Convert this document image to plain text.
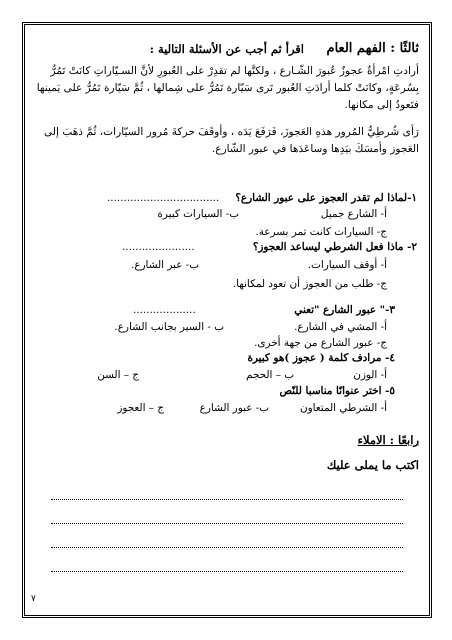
ثالثًا : الفهم العام
اقرأ ثم أجب عن الأسئلة التالية :
أرادتِ امْرأةٌ عجوزٌ عُبورَ الشّـارع ، ولكنَّها لم تقدِرْ على العُبورِ لأنَّ السـيّاراتِ كانَتْ تَمُرُّ
بِسُرعَةٍ، وكانَتْ كلما أرادَتِ العُبور تَرى سَيّارة تَمُرُّ على شِمالها ، ثُمَّ سَيّارة تَمُرُّ على يَمينها
فتَعودُ إلى مكانها.
رَأى شُرطِيُّ المُرور هذهِ العَجوزَ، فَرَفَعَ يَدَه ، وأوقَفَ حركةَ مُرور السيّارات، ثُمَّ ذهَبَ إلى
العَجوز وأمسَكَ بيَدِها وساعَدَها في عبور الشّارع.
١-لماذا لم تقدر العجوز على عبور الشارع؟
..................................
أ- الشارع جميل
ب- السيارات كبيرة
ج- السيارات كانت تمر بسرعة.
٢- ماذا فعل الشرطي ليساعد العجوز؟
......................
أ- أوقف السيارات.
ب- عبر الشارع.
ج- طلب من العجوز أن تعود لمكانها.
٣-" عبور الشارع "تعني
...................
أ- المشي في الشارع.
ب - السير بجانب الشارع.
ج- عبور الشارع من جهة أخرى.
٤- مرادف كلمة ( عجوز )هو كبيرة
أ- الوزن
ب – الحجم
ج – السن
٥- اختر عنوانًا مناسبا للنّص
أ- الشرطي المتعاون
ب- عبور الشارع
ج – العجوز
رابعًا : الاملاء
اكتب ما يملى عليك
٧
